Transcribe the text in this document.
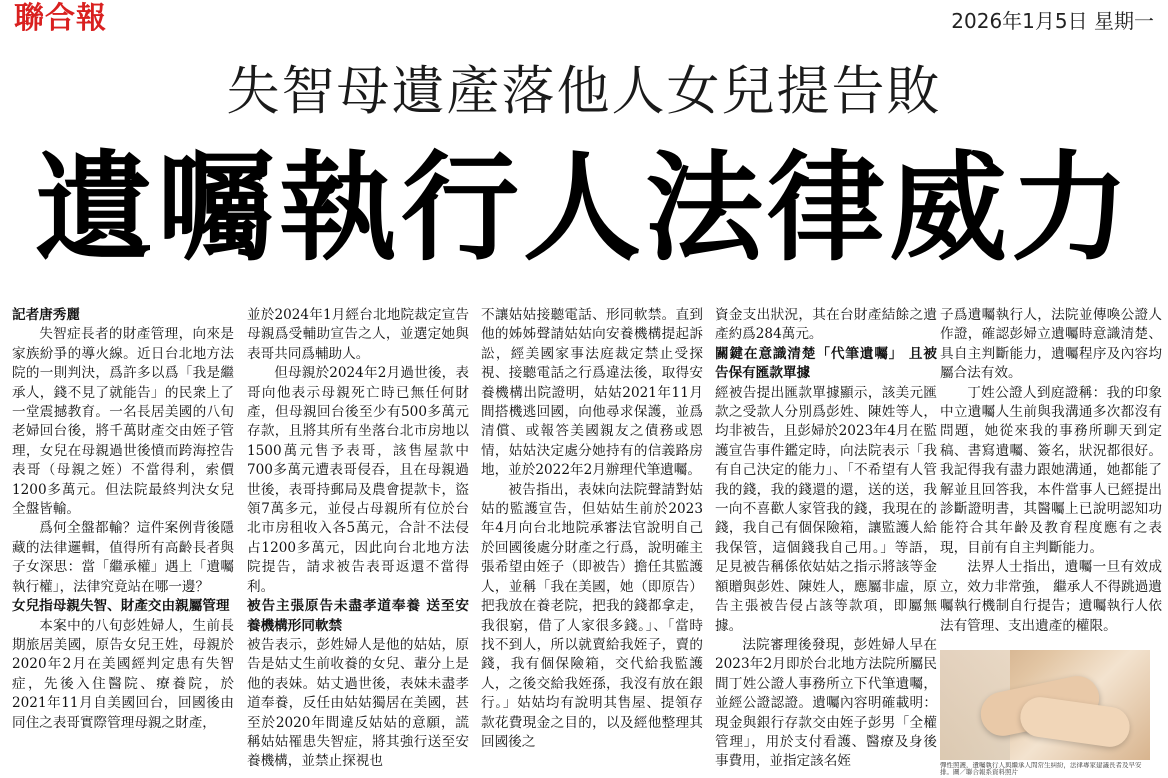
聯合報	2026年1月5日 星期一
失智母遺產落他人女兒提告敗
遺囑執行人法律威力

記者唐秀麗

失智症長者的財產管理，向來是家族紛爭的導火線。近日台北地方法院的一則判決，爲許多以爲「我是繼承人，錢不見了就能告」的民衆上了一堂震撼教育。一名長居美國的八旬老婦回台後，將千萬財產交由姪子管理，女兒在母親過世後憤而跨海控告表哥（母親之姪）不當得利，索價1200多萬元。但法院最終判決女兒全盤皆輸。

爲何全盤都輸？這件案例背後隱藏的法律邏輯，值得所有高齡長者與子女深思：當「繼承權」遇上「遺囑執行權」，法律究竟站在哪一邊？

女兒指母親失智、財產交由親屬管理

本案中的八旬彭姓婦人，生前長期旅居美國，原告女兒王姓，母親於2020年2月在美國經判定患有失智症，先後入住醫院、療養院，於2021年11月自美國回台，回國後由同住之表哥實際管理母親之財產，

並於2024年1月經台北地院裁定宣告母親爲受輔助宣告之人，並選定她與表哥共同爲輔助人。

但母親於2024年2月過世後，表哥向他表示母親死亡時已無任何財產，但母親回台後至少有500多萬元存款，且將其所有坐落台北市房地以1500萬元售予表哥，該售屋款中700多萬元遭表哥侵吞，且在母親過世後，表哥持郵局及農會提款卡，盜領7萬多元，並侵占母親所有位於台北市房租收入各5萬元，合計不法侵占1200多萬元，因此向台北地方法院提告，請求被告表哥返還不當得利。

被告主張原告未盡孝道奉養 送至安養機構形同軟禁

被告表示，彭姓婦人是他的姑姑，原告是姑丈生前收養的女兒、輩分上是他的表妹。姑丈過世後，表妹未盡孝道奉養，反任由姑姑獨居在美國，甚至於2020年間違反姑姑的意願，謊稱姑姑罹患失智症，將其強行送至安養機構，並禁止探視也

不讓姑姑接聽電話、形同軟禁。直到他的姊姊聲請姑姑向安養機構提起訴訟，經美國家事法庭裁定禁止受探視、接聽電話之行爲違法後，取得安養機構出院證明，姑姑2021年11月間搭機逃回國，向他尋求保護，並爲清償、或報答美國親友之債務或恩情，姑姑決定處分她持有的信義路房地，並於2022年2月辦理代筆遺囑。

被告指出，表妹向法院聲請對姑姑的監護宣告，但姑姑生前於2023年4月向台北地院承審法官說明自己於回國後處分財產之行爲，說明確主張希望由姪子（即被告）擔任其監護人，並稱「我在美國，她（即原告）把我放在養老院，把我的錢都拿走，我很窮，借了人家很多錢。」、「當時找不到人，所以就賣給我姪子，賣的錢，我有個保險箱，交代給我監護人，之後交給我姪孫，我沒有放在銀行。」姑姑均有說明其售屋、提領存款花費現金之目的，以及經他整理其回國後之

資金支出狀況，其在台財產結餘之遺產約爲284萬元。

關鍵在意識清楚「代筆遺囑」 且被告保有匯款單據

經被告提出匯款單據顯示，該美元匯款之受款人分別爲彭姓、陳姓等人，均非被告，且彭婦於2023年4月在監護宣告事件鑑定時，向法院表示「我有自己決定的能力」、「不希望有人管我的錢，我的錢還的還，送的送，我一向不喜歡人家管我的錢，我現在的錢，我自己有個保險箱，讓監護人給我保管，這個錢我自己用。」等語，足見被告稱係依姑姑之指示將該等金額贈與彭姓、陳姓人，應屬非虛，原告主張被告侵占該等款項，即屬無據。

法院審理後發現，彭姓婦人早在2023年2月即於台北地方法院所屬民間丁姓公證人事務所立下代筆遺囑，並經公證認證。遺囑內容明確載明：現金與銀行存款交由姪子彭男「全權管理」，用於支付看護、醫療及身後事費用，並指定該名姪

子爲遺囑執行人，法院並傳喚公證人作證，確認彭婦立遺囑時意識清楚、具自主判斷能力，遺囑程序及內容均屬合法有效。

丁姓公證人到庭證稱：我的印象中立遺囑人生前與我溝通多次都沒有問題，她從來我的事務所聊天到定稿、書寫遺囑、簽名，狀況都很好。我記得我有盡力跟她溝通，她都能了解並且回答我，本件當事人已經提出診斷證明書，其醫囑上已說明認知功能符合其年齡及教育程度應有之表現，目前有自主判斷能力。

法界人士指出，遺囑一旦有效成立，效力非常強， 繼承人不得跳過遺囑執行機制自行提告；遺囑執行人依法有管理、支出遺產的權限。

彈性照護，遺囑執行人與繼承人間常生糾紛，法律專家建議長者及早安排。圖／聯合報系資料照片
